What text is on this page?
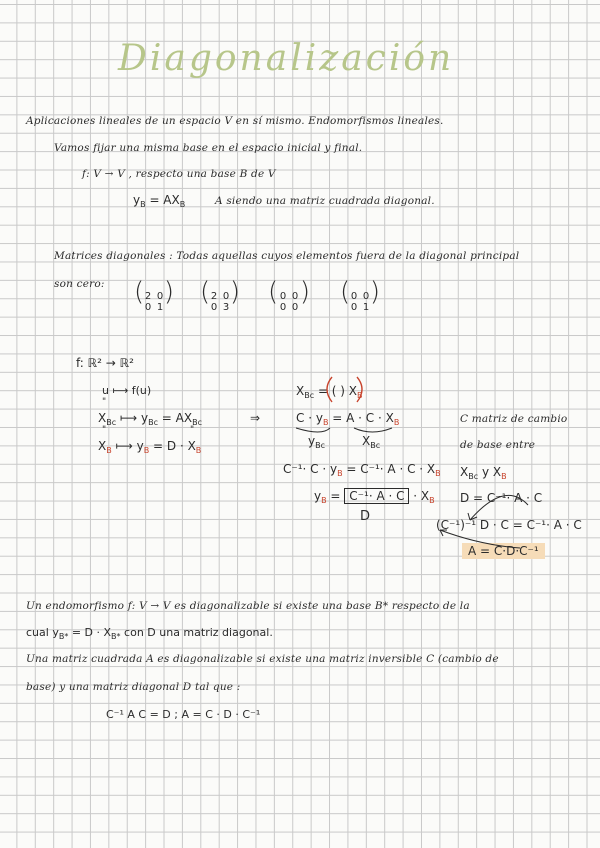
Diagonalización
Aplicaciones lineales de un espacio V en sí mismo. Endomorfismos lineales.
Vamos fijar una misma base en el espacio inicial y final.
f: V → V , respecto una base B de V
$y_B = AX_B$	A siendo una matriz cuadrada diagonal.
Matrices diagonales : Todas aquellas cuyos elementos fuera de la diagonal principal
son cero: ( )
2 0
0 1
( )
2 0
0 3
( )
0 0
0 0
( )
0 0
0 1
f: ℝ² → ℝ²
u ⟼ f(u)
"
$X_{Bc}$ ⟼ $y_{Bc} = AX_{Bc}$
"	"
$X_B$ ⟼ $y_B = D \cdot X_B$
⇒
$X_{Bc}$ = ( ) $X_B$
$C \cdot y_B = A \cdot C \cdot X_B$
$y_{Bc}$	$X_{Bc}$
$C^{-1}\cdot C \cdot y_B = C^{-1}\cdot A \cdot C \cdot X_B$
$y_B = C^{-1}\cdot A \cdot C \cdot X_B$
D
C matriz de cambio
de base entre
$X_{Bc}$ y $X_B$
D = C⁻¹· A · C
(C⁻¹)⁻¹ D · C = C⁻¹· A · C
A = C·D·C⁻¹
Un endomorfismo f: V → V es diagonalizable si existe una base B* respecto de la
cual $y_{B*} = D \cdot X_{B*}$ con D una matriz diagonal.
Una matriz cuadrada A es diagonalizable si existe una matriz inversible C (cambio de
base) y una matriz diagonal D tal que :
C⁻¹ A C = D ; A = C · D · C⁻¹
